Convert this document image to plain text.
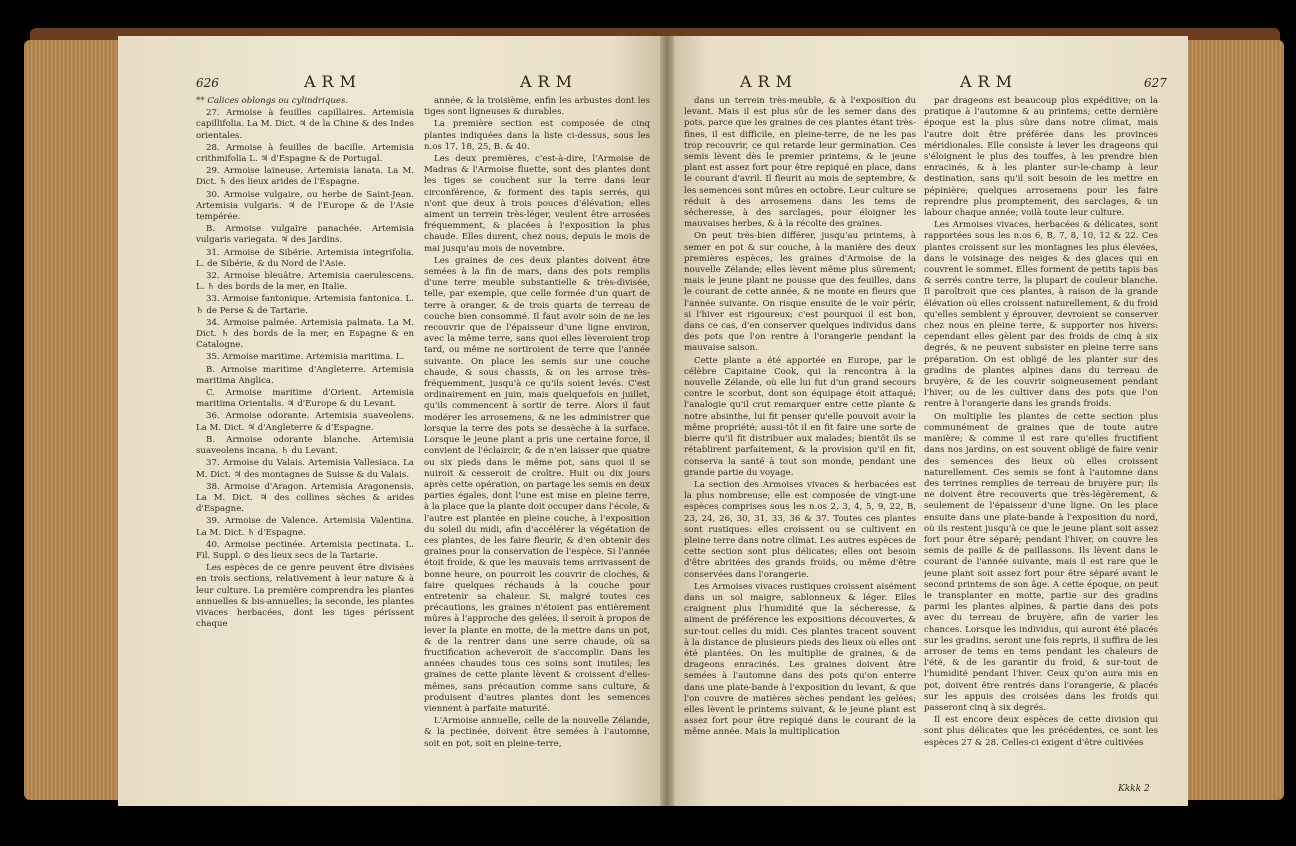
626	ARM	ARM

** Calices oblongs ou cylindriques.

27. Armoise à feuilles capillaires. Artemisia capillifolia. La M. Dict. ♃ de la Chine & des Indes orientales.

28. Armoise à feuilles de bacille. Artemisia crithmifolia L. ♃ d'Espagne & de Portugal.

29. Armoise laineuse. Artemisia lanata. La M. Dict. ♄ des lieux arides de l'Espagne.

30. Armoise vulgaire, ou herbe de Saint-Jean. Artemisia vulgaris. ♃ de l'Europe & de l'Asie tempérée.

B. Armoise vulgaire panachée. Artemisia vulgaris variegata. ♃ des Jardins.

31. Armoise de Sibérie. Artemisia integrifolia. L. de Sibérie, & du Nord de l'Asie.

32. Armoise bleuâtre. Artemisia caerulescens. L. ♄ des bords de la mer, en Italie.

33. Armoise fantonique. Artemisia fantonica. L. ♄ de Perse & de Tartarie.

34. Armoise palmée. Artemisia palmata. La M. Dict. ♄ des bords de la mer, en Espagne & en Catalogne.

35. Armoise maritime. Artemisia maritima. L.

B. Armoise maritime d'Angleterre. Artemisia maritima Anglica.

C. Armoise maritime d'Orient. Artemisia maritima Orientalis. ♃ d'Europe & du Levant.

36. Armoise odorante. Artemisia suaveolens. La M. Dict. ♃ d'Angleterre & d'Espagne.

B. Armoise odorante blanche. Artemisia suaveolens incana. ♄ du Levant.

37. Armoise du Valais. Artemisia Vallesiaca. La M. Dict. ♃ des montagnes de Suisse & du Valais.

38. Armoise d'Aragon. Artemisia Aragonensis. La M. Dict. ♃ des collines sèches & arides d'Espagne.

39. Armoise de Valence. Artemisia Valentina. La M. Dict. ♄ d'Espagne.

40. Armoise pectinée. Artemisia pectinata. L. Fil. Suppl. ⊙ des lieux secs de la Tartarie.

Les espèces de ce genre peuvent être divisées en trois sections, relativement à leur nature & à leur culture. La première comprendra les plantes annuelles & bis-annuelles; la seconde, les plantes vivaces herbacées, dont les tiges périssent chaque

année, & la troisième, enfin les arbustes dont les tiges sont ligneuses & durables.

La première section est composée de cinq plantes indiquées dans la liste ci-dessus, sous les n.os 17, 18, 25, B. & 40.

Les deux premières, c'est-à-dire, l'Armoise de Madras & l'Armoise fluette, sont des plantes dont les tiges se couchent sur la terre dans leur circonférence, & forment des tapis serrés, qui n'ont que deux à trois pouces d'élévation; elles aiment un terrein très-léger, veulent être arrosées fréquemment, & placées à l'exposition la plus chaude. Elles durent, chez nous, depuis le mois de mai jusqu'au mois de novembre.

Les graines de ces deux plantes doivent être semées à la fin de mars, dans des pots remplis d'une terre meuble substantielle & très-divisée, telle, par exemple, que celle formée d'un quart de terre à oranger, & de trois quarts de terreau de couche bien consommé. Il faut avoir soin de ne les recouvrir que de l'épaisseur d'une ligne environ, avec la même terre, sans quoi elles lèveroient trop tard, ou même ne sortiroient de terre que l'année suivante. On place les semis sur une couche chaude, & sous chassis, & on les arrose très-fréquemment, jusqu'à ce qu'ils soient levés. C'est ordinairement en juin, mais quelquefois en juillet, qu'ils commencent à sortir de terre. Alors il faut modérer les arrosemens, & ne les administrer que lorsque la terre des pots se dessèche à la surface. Lorsque le jeune plant a pris une certaine force, il convient de l'éclaircir, & de n'en laisser que quatre ou six pieds dans le même pot, sans quoi il se nuiroit & cesseroit de croître. Huit ou dix jours après cette opération, on partage les semis en deux parties égales, dont l'une est mise en pleine terre, à la place que la plante doit occuper dans l'école, & l'autre est plantée en pleine couche, à l'exposition du soleil du midi, afin d'accélérer la végétation de ces plantes, de les faire fleurir, & d'en obtenir des graines pour la conservation de l'espèce. Si l'année étoit froide, & que les mauvais tems arrivassent de bonne heure, on pourroit les couvrir de cloches, & faire quelques réchauds à la couche pour entretenir sa chaleur. Si, malgré toutes ces précautions, les graines n'étoient pas entièrement mûres à l'approche des gelées, il seroit à propos de lever la plante en motte, de la mettre dans un pot, & de la rentrer dans une serre chaude, où sa fructification acheveroit de s'accomplir. Dans les années chaudes tous ces soins sont inutiles; les graines de cette plante lèvent & croissent d'elles-mêmes, sans précaution comme sans culture, & produisent d'autres plantes dont les semences viennent à parfaite maturité.

L'Armoise annuelle, celle de la nouvelle Zélande, & la pectinée, doivent être semées à l'automne, soit en pot, soit en pleine-terre,

ARM	ARM	627

dans un terrein très-meuble, & à l'exposition du levant. Mais il est plus sûr de les semer dans des pots, parce que les graines de ces plantes étant très-fines, il est difficile, en pleine-terre, de ne les pas trop recouvrir, ce qui retarde leur germination. Ces semis lèvent dès le premier printems, & le jeune plant est assez fort pour être repiqué en place, dans le courant d'avril. Il fleurit au mois de septembre, & les semences sont mûres en octobre. Leur culture se réduit à des arrosemens dans les tems de sécheresse, à des sarclages, pour éloigner les mauvaises herbes, & à la récolte des graines.

On peut très-bien différer, jusqu'au printems, à semer en pot & sur couche, à la manière des deux premières espèces, les graines d'Armoise de la nouvelle Zélande; elles lèvent même plus sûrement; mais le jeune plant ne pousse que des feuilles, dans le courant de cette année, & ne monte en fleurs que l'année suivante. On risque ensuite de le voir périr, si l'hiver est rigoureux; c'est pourquoi il est bon, dans ce cas, d'en conserver quelques individus dans des pots que l'on rentre à l'orangerie pendant la mauvaise saison.

Cette plante a été apportée en Europe, par le célèbre Capitaine Cook, qui la rencontra à la nouvelle Zélande, où elle lui fut d'un grand secours contre le scorbut, dont son équipage étoit attaqué; l'analogie qu'il crut remarquer entre cette plante & notre absinthe, lui fit penser qu'elle pouvoit avoir la même propriété; aussi-tôt il en fit faire une sorte de bierre qu'il fit distribuer aux malades; bientôt ils se rétablirent parfaitement, & la provision qu'il en fit, conserva la santé à tout son monde, pendant une grande partie du voyage.

La section des Armoises vivaces & herbacées est la plus nombreuse; elle est composée de vingt-une espèces comprises sous les n.os 2, 3, 4, 5, 9, 22, B, 23, 24, 26, 30, 31, 33, 36 & 37. Toutes ces plantes sont rustiques: elles croissent ou se cultivent en pleine terre dans notre climat. Les autres espèces de cette section sont plus délicates; elles ont besoin d'être abritées des grands froids, ou même d'être conservées dans l'orangerie.

Les Armoises vivaces rustiques croissent aisément dans un sol maigre, sablonneux & léger. Elles craignent plus l'humidité que la sécheresse, & aiment de préférence les expositions découvertes, & sur-tout celles du midi. Ces plantes tracent souvent à la distance de plusieurs pieds des lieux où elles ont été plantées. On les multiplie de graines, & de drageons enracinés. Les graines doivent être semées à l'automne dans des pots qu'on enterre dans une plate-bande à l'exposition du levant, & que l'on couvre de matières sèches pendant les gelées; elles lèvent le printems suivant, & le jeune plant est assez fort pour être repiqué dans le courant de la même année. Mais la multiplication

par drageons est beaucoup plus expéditive; on la pratique à l'automne & au printems; cette dernière époque est la plus sûre dans notre climat, mais l'autre doit être préférée dans les provinces méridionales. Elle consiste à lever les drageons qui s'éloignent le plus des touffes, à les prendre bien enracinés, & à les planter sur-le-champ à leur destination, sans qu'il soit besoin de les mettre en pépinière; quelques arrosemens pour les faire reprendre plus promptement, des sarclages, & un labour chaque année; voilà toute leur culture.

Les Armoises vivaces, herbacées & délicates, sont rapportées sous les n.os 6, B, 7, 8, 10, 12 & 22. Ces plantes croissent sur les montagnes les plus élevées, dans le voisinage des neiges & des glaces qui en couvrent le sommet. Elles forment de petits tapis bas & serrés contre terre, la plupart de couleur blanche. Il paroîtroit que ces plantes, à raison de la grande élévation où elles croissent naturellement, & du froid qu'elles semblent y éprouver, devroient se conserver chez nous en pleine terre, & supporter nos hivers: cependant elles gèlent par des froids de cinq à six degrés, & ne peuvent subsister en pleine terre sans préparation. On est obligé de les planter sur des gradins de plantes alpines dans du terreau de bruyère, & de les couvrir soigneusement pendant l'hiver, ou de les cultiver dans des pots que l'on rentre à l'orangerie dans les grands froids.

On multiplie les plantes de cette section plus communément de graines que de toute autre manière; & comme il est rare qu'elles fructifient dans nos jardins, on est souvent obligé de faire venir des semences des lieux où elles croissent naturellement. Ces semis se font à l'automne dans des terrines remplies de terreau de bruyère pur; ils ne doivent être recouverts que très-légèrement, & seulement de l'épaisseur d'une ligne. On les place ensuite dans une plate-bande à l'exposition du nord, où ils restent jusqu'à ce que le jeune plant soit assez fort pour être séparé; pendant l'hiver, on couvre les semis de paille & de paillassons. Ils lèvent dans le courant de l'année suivante, mais il est rare que le jeune plant soit assez fort pour être séparé avant le second printems de son âge. A cette époque, on peut le transplanter en motte, partie sur des gradins parmi les plantes alpines, & partie dans des pots avec du terreau de bruyère, afin de varier les chances. Lorsque les individus, qui auront été placés sur les gradins, seront une fois repris, il suffira de les arroser de tems en tems pendant les chaleurs de l'été, & de les garantir du froid, & sur-tout de l'humidité pendant l'hiver. Ceux qu'on aura mis en pot, doivent être rentrés dans l'orangerie, & placés sur les appuis des croisées dans les froids qui passeront cinq à six degrés.

Il est encore deux espèces de cette division qui sont plus délicates que les précédentes, ce sont les espèces 27 & 28. Celles-ci exigent d'être cultivées

Kkkk 2
